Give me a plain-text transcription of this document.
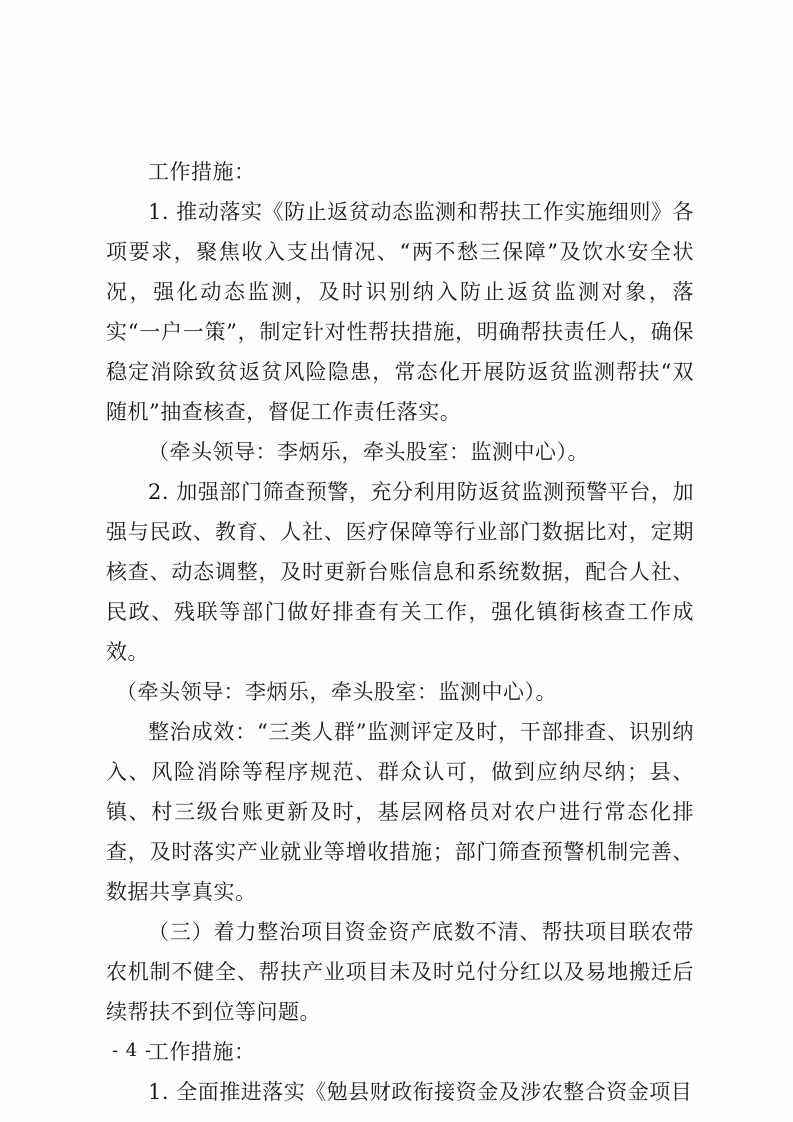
工作措施：

1. 推动落实《防止返贫动态监测和帮扶工作实施细则》各项要求，聚焦收入支出情况、“两不愁三保障”及饮水安全状况，强化动态监测，及时识别纳入防止返贫监测对象，落实“一户一策”，制定针对性帮扶措施，明确帮扶责任人，确保稳定消除致贫返贫风险隐患，常态化开展防返贫监测帮扶“双随机”抽查核查，督促工作责任落实。

（牵头领导：李炳乐，牵头股室：监测中心）。

2. 加强部门筛查预警，充分利用防返贫监测预警平台，加强与民政、教育、人社、医疗保障等行业部门数据比对，定期核查、动态调整，及时更新台账信息和系统数据，配合人社、民政、残联等部门做好排查有关工作，强化镇街核查工作成效。

（牵头领导：李炳乐，牵头股室：监测中心）。

整治成效：“三类人群”监测评定及时，干部排查、识别纳入、风险消除等程序规范、群众认可，做到应纳尽纳；县、镇、村三级台账更新及时，基层网格员对农户进行常态化排查，及时落实产业就业等增收措施；部门筛查预警机制完善、数据共享真实。

（三）着力整治项目资金资产底数不清、帮扶项目联农带农机制不健全、帮扶产业项目未及时兑付分红以及易地搬迁后续帮扶不到位等问题。

工作措施：

1. 全面推进落实《勉县财政衔接资金及涉农整合资金项目

- 4 -
